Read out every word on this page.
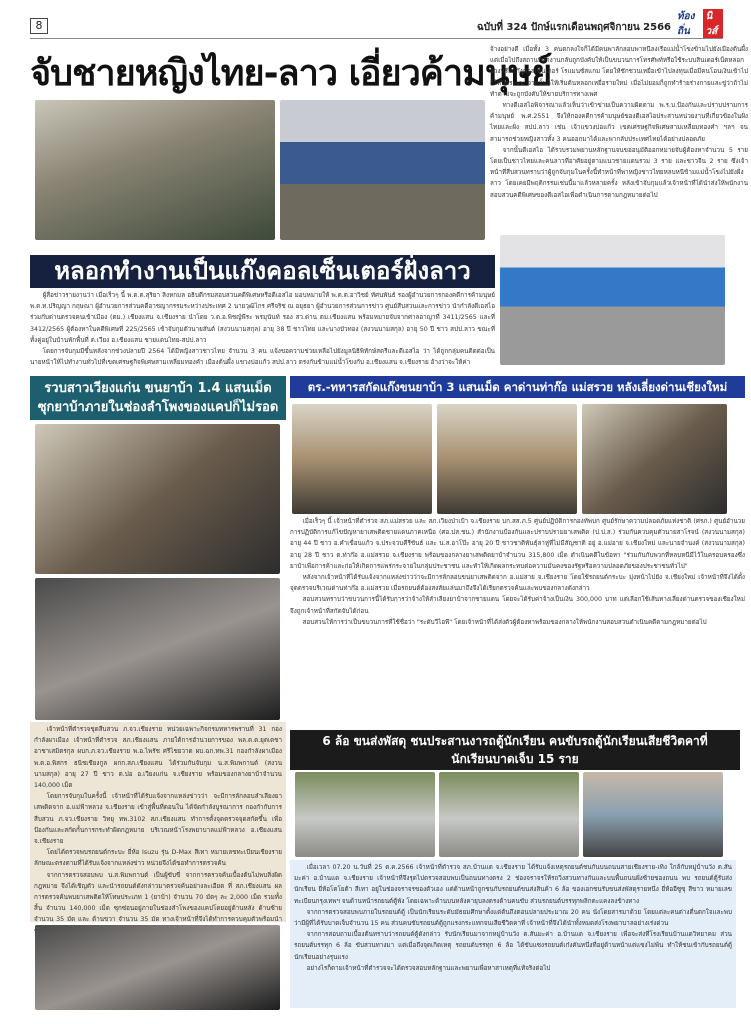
8	ฉบับที่ 324 ปักษ์แรกเดือนพฤศจิกายน 2566
ท้องถิ่น
นิวส์
จับชายหญิงไทย-ลาว เอี่ยวค้ามนุษย์

จ้างอย่างดี เมื่อทั้ง 3 คนตกลงใจก็ได้มีคนพาลักลอบพาหนีลงเรือแม่น้ำโขงข้ามไปยังเมืองต้นผึ้ง แต่เมื่อไปถึงสถานที่ทำงานกลับถูกบังคับให้เป็นขบวนการโทรศัพท์หรือใช้ระบบสินเดอร์เน็ตหลอกลวงหรือแก๊งคอลเซ็นเตอร์ โรแมนซ์สแกม โดยให้ชักชวนเหยื่อเข้าไปลงทุนเมื่อมีคนโอนเงินเข้าไปก็ให้ปิดระบบ จากนั้นก็ให้เริ่มต้นหลอกเหยื่อรายใหม่ เมื่อไม่ยอมก็ถูกทำร้ายร่างกายและขู่ว่าถ้าไม่ทำตามจะถูกบังคับให้ขายบริการทางเพศ

ทางดีเอสไอพิจารณาแล้วเห็นว่าเข้าข่ายเป็นความผิดตาม พ.ร.บ.ป้องกันและปราบปรามการค้ามนุษย์ พ.ศ.2551 จึงให้กองคดีการค้ามนุษย์ของดีเอสไอประสานหน่วยงานที่เกี่ยวข้องในฝั่งไทยและฝั่ง สปป.ลาว เช่น เจ้าแขวงบ่อแก้ว เขตเศรษฐกิจพิเศษสามเหลี่ยมทองคำ ฯลฯ จนสามารถช่วยหญิงสาวทั้ง 3 คนออกมาได้และพากลับประเทศไทยได้อย่างปลอดภัย

จากนั้นดีเอสไอ ได้รวบรวมพยานหลักฐานจนขออนุมัติออกหมายจับผู้ต้องหาจำนวน 5 ราย โดยเป็นชาวไทยและคนลาวที่อาศัยอยู่ตามแนวชายแดนรวม 3 ราย และชาวจีน 2 ราย ซึ่งเจ้าหน้าที่สืบสวนทราบว่าผู้ถูกจับกุมในครั้งนี้ทำหน้าที่พาหญิงชาวไทยหลบหนีข้ามแม่น้ำโขงไปยังฝั่งลาว โดยเคยมีพฤติกรรมเช่นนี้มาแล้วหลายครั้ง หลังเข้าจับกุมแล้วเจ้าหน้าที่ได้นำส่งให้พนักงานสอบสวนคดีพิเศษของดีเอสไอเพื่อดำเนินการตามกฎหมายต่อไป

หลอกทำงานเป็นแก๊งคอลเซ็นเตอร์ฝั่งลาว

ผู้สื่อข่าวรายงานว่า เมื่อเร็วๆ นี้ พ.ต.ต.สุริยา สิงหกมล อธิบดีกรมสอบสวนคดีพิเศษหรือดีเอสไอ มอบหมายให้ พ.ต.ต.อาวิชย์ ทัศนพันธ์ รองผู้อำนวยการกองคดีการค้ามนุษย์ พ.ต.ท.ปริญญา กฤษณา ผู้อำนวยการส่วนคดีอาชญากรรมระหว่างประเทศ 2 นายวุฒิไกร ศรีจริช ณ อยุธยา ผู้อำนวยการส่วนการข่าว ศูนย์สืบสวนและการข่าว นำกำลังดีเอสไอร่วมกับด่านตรวจคนเข้าเมือง (ตม.) เชียงแสน จ.เชียงราย นำโดย ว.ต.อ.พิชญ์พีระ พรมุนันท์ รอง สว.ด่าน ตม.เชียงแสน พร้อมหมายจับจากศาลอาญาที่ 3411/2565 และที่ 3412/2565 ผู้ต้องหาในคดีพิเศษที่ 225/2565 เข้าจับกุมตัวนายสันต์ (สงวนนามสกุล) อายุ 38 ปี ชาวไทย และนางบัวทอง (สงวนนามสกุล) อายุ 50 ปี ชาว สปป.ลาว ขณะที่ทั้งคู่อยู่ในบ้านพักพื้นที่ ต.เวียง อ.เชียงแสน ชายแดนไทย-สปป.ลาว

โดยการจับกุมมีขึ้นหลังจากช่วงปลายปี 2564 ได้มีหญิงสาวชาวไทย จำนวน 3 คน แจ้งขอความช่วยเหลือไปยังมูลนิธิพิทักษ์สตรีและดีเอสไอ ว่า ได้ถูกกลุ่มคนติดต่อเป็นนายหน้าให้ไปทำงานทั่วไปที่เขตเศรษฐกิจพิเศษสามเหลี่ยมทองคำ เมืองต้นผึ้ง แขวงบ่อแก้ว สปป.ลาว ตรงกันข้ามแม่น้ำโขงกับ อ.เชียงแสน จ.เชียงราย อ้างว่าจะให้ค่า

รวบสาวเวียงแก่น ขนยาบ้า 1.4 แสนเม็ด
ซุกยาบ้าภายในช่องลำโพงของแคปก็ไม่รอด

เจ้าหน้าที่ตำรวจชุดสืบสวน ภ.จว.เชียงราย หน่วยเฉพาะกิจกรมทหารพรานที่ 31 กองกำลังผาเมือง เจ้าหน้าที่ตำรวจ สภ.เชียงแสน ภายใต้การอำนวยการของ พล.ต.ต.ยุตเตชา อาชาเสมิตรกุล ผบก.ภ.จว.เชียงราย พ.อ.ไพรัช ศรีไชยวาด ผบ.ฉก.ทพ.31 กองกำลังผาเมือง พ.ต.อ.พิสกร ธนิชเชียงกูล ผกก.สภ.เชียงแสน ได้ร่วมกันจับกุม น.ส.พิมพกานต์ (สงวนนามสกุล) อายุ 27 ปี ชาว ต.ปอ อ.เวียงแก่น จ.เชียงราย พร้อมของกลางยาบ้าจำนวน 140,000 เม็ด

โดยการจับกุมในครั้งนี้ เจ้าหน้าที่ได้รับแจ้งจากแหล่งข่าวว่า จะมีการลักลอบลำเลียงยาเสพติดจาก อ.แม่ฟ้าหลวง จ.เชียงราย เข้าสู่พื้นที่ตอนใน ได้จัดกำลังบูรณาการ กองกำกับการสืบสวน ภ.จว.เชียงราย วิทยุ ทพ.3102 สภ.เชียงแสน ทำการตั้งจุดตรวจจุดสกัดขึ้น เพื่อป้องกันและสกัดกั้นการกระทำผิดกฎหมาย บริเวณหน้าโรงพยาบาลแม่ฟ้าหลวง อ.เชียงแสน จ.เชียงราย

โดยได้ตรวจพบรถยนต์กระบะ ยี่ห้อ Isuzu รุ่น D-Max สีเทา หมายเลขทะเบียนเชียงราย ลักษณะตรงตามที่ได้รับแจ้งจากแหล่งข่าว หน่วยจึงได้ขอทำการตรวจค้น

จากการตรวจสอบพบ น.ส.พิมพกานต์ เป็นผู้ขับขี่ จากการตรวจค้นเบื้องต้นไม่พบสิ่งผิดกฎหมาย จึงได้เชิญตัว และนำรถยนต์ดังกล่าวมาตรวจค้นอย่างละเอียด ที่ สภ.เชียงแสน ผลการตรวจค้นพบยาเสพติดให้โทษประเภท 1 (ยาบ้า) จำนวน 70 มัดๆ ละ 2,000 เม็ด รวมทั้งสิ้น จำนวน 140,000 เม็ด ซุกซ่อนอยู่ภายในช่องลำโพงของแคปโดยอยู่ด้านหลัง ด้านซ้าย จำนวน 35 มัด และ ด้านขวา จำนวน 35 มัด ทางเจ้าหน้าที่จึงได้ทำการควบคุมตัวพร้อมนำ

ตร.-ทหารสกัดแก๊งขนยาบ้า 3 แสนเม็ด คาด่านท่าก๊อ แม่สรวย หลังเลี่ยงด่านเชียงใหม่

เมื่อเร็วๆ นี้ เจ้าหน้าที่ตำรวจ สภ.แม่สรวย และ สภ.เวียงป่าเป้า จ.เชียงราย บก.สส.ภ.5 ศูนย์ปฏิบัติการกองทัพบก ศูนย์รักษาความปลอดภัยแห่งชาติ (ศรภ.) ศูนย์อำนวยการปฏิบัติการแก้ไขปัญหายาเสพติดชายแดนภาคเหนือ (ศอ.ปส.ชน.) สำนักงานป้องกันและปราบปรามยาเสพติด (ป.ป.ส.) ร่วมกันควบคุมตัวนายสาโรจน์ (สงวนนามสกุล) อายุ 44 ปี ชาว อ.คำเขื่อนแก้ว จ.ประจวบคีรีขันธ์ และ น.ส.อาโป๊ะ อายุ 20 ปี ชาวชาติพันธุ์ลาหู่ที่ไม่มีสัญชาติ อยู่ อ.แม่อาย จ.เชียงใหม่ และนายจำนงค์ (สงวนนามสกุล) อายุ 28 ปี ชาว ต.ท่าก๊อ อ.แม่สรวย จ.เชียงราย พร้อมของกลางยาเสพติดยาบ้าจำนวน 315,800 เม็ด ดำเนินคดีในข้อหา "ร่วมกันกับพวกที่หลบหนีมีไว้ในครอบครองซึ่งยาบ้าเพื่อการค้าและก่อให้เกิดการแพร่กระจายในกลุ่มประชาชน และทำให้เกิดผลกระทบต่อความมั่นคงของรัฐหรือความปลอดภัยของประชาชนทั่วไป"

หลังจากเจ้าหน้าที่ได้รับแจ้งจากแหล่งข่าวว่าจะมีการลักลอบขนยาเสพติดจาก อ.แม่สาย จ.เชียงราย โดยใช้รถยนต์กระบะ มุ่งหน้าไปยัง จ.เชียงใหม่ เจ้าหน้าที่จึงได้ตั้งจุดตรวจบริเวณด่านท่าก๊อ อ.แม่สรวย เมื่อรถยนต์ต้องสงสัยแล่นมาถึงจึงได้เรียกตรวจค้นและพบของกลางดังกล่าว

สอบสวนทราบว่าขบวนการนี้ได้รับการว่าจ้างให้ลำเลียงยาบ้าจากชายแดน โดยจะได้รับค่าจ้างเป็นเงิน 300,000 บาท แต่เลือกใช้เส้นทางเลี่ยงด่านตรวจของเชียงใหม่ จึงถูกเจ้าหน้าที่สกัดจับได้ก่อน

สอบสวนให้การว่าเป็นขบวนการที่ใช้ชื่อว่า "ระดับวีไอพี" โดยเจ้าหน้าที่ได้ส่งตัวผู้ต้องหาพร้อมของกลางให้พนักงานสอบสวนดำเนินคดีตามกฎหมายต่อไป

6 ล้อ ขนส่งพัสดุ ชนประสานงารถตู้นักเรียน คนขับรถตู้นักเรียนเสียชีวิตคาที่
นักเรียนบาดเจ็บ 15 ราย

เมื่อเวลา 07.20 น.วันที่ 25 ต.ค.2566 เจ้าหน้าที่ตำรวจ สภ.บ้านแด จ.เชียงราย ได้รับแจ้งเหตุรถยนต์ชนกันบนถนนสายเชียงราย-เทิง ใกล้กับหมู่บ้านวัง ต.สันมะค่า อ.บ้านแด จ.เชียงราย เจ้าหน้าที่จึงรุดไปตรวจสอบพบเป็นถนนทางตรง 2 ช่องจราจรให้รถวิ่งสวนทางกันและบนพื้นถนนฝั่งซ้ายของถนน พบ รถยนต์ตู้รับส่งนักเรียน ยี่ห้อโตโยต้า สีเทา อยู่ในช่องจราจรของตัวเอง แต่ด้านหน้าถูกชนกับรถยนต์ขนส่งสินค้า 6 ล้อ ของเอกชนรับขนส่งพัสดุรายหนึ่ง ยี่ห้ออีซูซุ สีขาว หมายเลขทะเบียนกรุงเทพฯ จนด้านหน้ารถยนต์ตู้พัง โดยเฉพาะด้านบนหลังคายุบลงตรงด้านคนขับ ส่วนรถยนต์บรรทุกพลิกตะแคงลงข้างทาง

จากการตรวจสอบพบภายในรถยนต์ตู้ เป็นนักเรียนระดับมัธยมศึกษาตั้งแต่ต้นถึงตอนปลายประมาณ 20 คน นั่งโดยสารมาด้วย โดยแต่ละคนต่างตื่นตกใจและพบว่ามีผู้ที่ได้รับบาดเจ็บจำนวน 15 คน ส่วนคนขับรถยนต์ตู้ถูกแรงกระแทกจนเสียชีวิตคาที่ เจ้าหน้าที่จึงได้นำทั้งหมดส่งโรงพยาบาลอย่างเร่งด่วน

จากการสอบถามเบื้องต้นทราบว่ารถยนต์ตู้ดังกล่าว รับนักเรียนมาจากหมู่บ้านวัง ต.สันมะค่า อ.บ้านแด จ.เชียงราย เพื่อจะส่งที่โรงเรียนบ้านแดวิทยาคม ส่วนรถยนต์บรรทุก 6 ล้อ ขับสวนทางมา แต่เมื่อถึงจุดเกิดเหตุ รถยนต์บรรทุก 6 ล้อ ได้ขับแซงรถยนต์เก๋งคันหนึ่งที่อยู่ด้านหน้าแต่แซงไม่พ้น ทำให้ชนเข้ากับรถยนต์ตู้นักเรียนอย่างรุนแรง

อย่างไรก็ตามเจ้าหน้าที่ตำรวจจะได้ตรวจสอบหลักฐานและพยานเพื่อหาสาเหตุที่แท้จริงต่อไป
